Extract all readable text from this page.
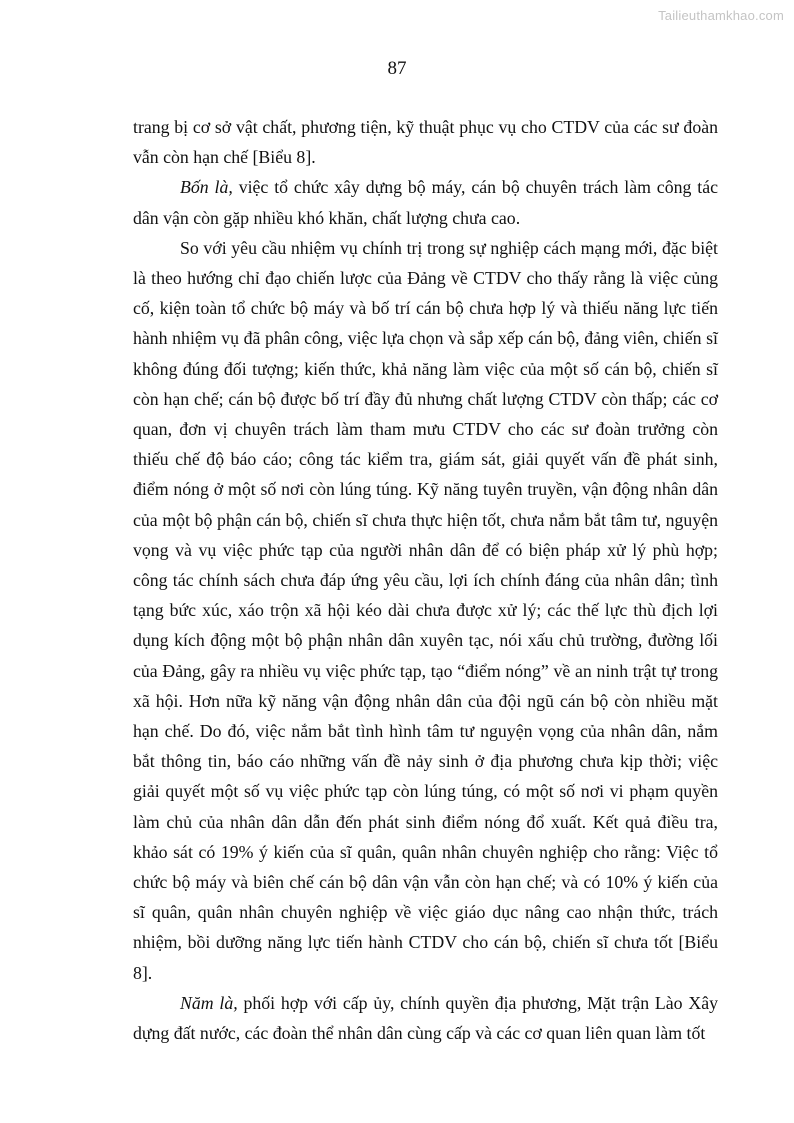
Tailieuthamkhao.com
87

trang bị cơ sở vật chất, phương tiện, kỹ thuật phục vụ cho CTDV của các sư đoàn vẫn còn hạn chế [Biểu 8].

Bốn là, việc tổ chức xây dựng bộ máy, cán bộ chuyên trách làm công tác dân vận còn gặp nhiều khó khăn, chất lượng chưa cao.

So với yêu cầu nhiệm vụ chính trị trong sự nghiệp cách mạng mới, đặc biệt là theo hướng chỉ đạo chiến lược của Đảng về CTDV cho thấy rằng là việc củng cố, kiện toàn tổ chức bộ máy và bố trí cán bộ chưa hợp lý và thiếu năng lực tiến hành nhiệm vụ đã phân công, việc lựa chọn và sắp xếp cán bộ, đảng viên, chiến sĩ không đúng đối tượng; kiến thức, khả năng làm việc của một số cán bộ, chiến sĩ còn hạn chế; cán bộ được bố trí đầy đủ nhưng chất lượng CTDV còn thấp; các cơ quan, đơn vị chuyên trách làm tham mưu CTDV cho các sư đoàn trưởng còn thiếu chế độ báo cáo; công tác kiểm tra, giám sát, giải quyết vấn đề phát sinh, điểm nóng ở một số nơi còn lúng túng. Kỹ năng tuyên truyền, vận động nhân dân của một bộ phận cán bộ, chiến sĩ chưa thực hiện tốt, chưa nắm bắt tâm tư, nguyện vọng và vụ việc phức tạp của người nhân dân để có biện pháp xử lý phù hợp; công tác chính sách chưa đáp ứng yêu cầu, lợi ích chính đáng của nhân dân; tình tạng bức xúc, xáo trộn xã hội kéo dài chưa được xử lý; các thế lực thù địch lợi dụng kích động một bộ phận nhân dân xuyên tạc, nói xấu chủ trường, đường lối của Đảng, gây ra nhiều vụ việc phức tạp, tạo “điểm nóng” về an ninh trật tự trong xã hội. Hơn nữa kỹ năng vận động nhân dân của đội ngũ cán bộ còn nhiều mặt hạn chế. Do đó, việc nắm bắt tình hình tâm tư nguyện vọng của nhân dân, nắm bắt thông tin, báo cáo những vấn đề nảy sinh ở địa phương chưa kịp thời; việc giải quyết một số vụ việc phức tạp còn lúng túng, có một số nơi vi phạm quyền làm chủ của nhân dân dẫn đến phát sinh điểm nóng đổ xuất. Kết quả điều tra, khảo sát có 19% ý kiến của sĩ quân, quân nhân chuyên nghiệp cho rằng: Việc tổ chức bộ máy và biên chế cán bộ dân vận vẫn còn hạn chế; và có 10% ý kiến của sĩ quân, quân nhân chuyên nghiệp về việc giáo dục nâng cao nhận thức, trách nhiệm, bồi dưỡng năng lực tiến hành CTDV cho cán bộ, chiến sĩ chưa tốt [Biểu 8].

Năm là, phối hợp với cấp ủy, chính quyền địa phương, Mặt trận Lào Xây dựng đất nước, các đoàn thể nhân dân cùng cấp và các cơ quan liên quan làm tốt
